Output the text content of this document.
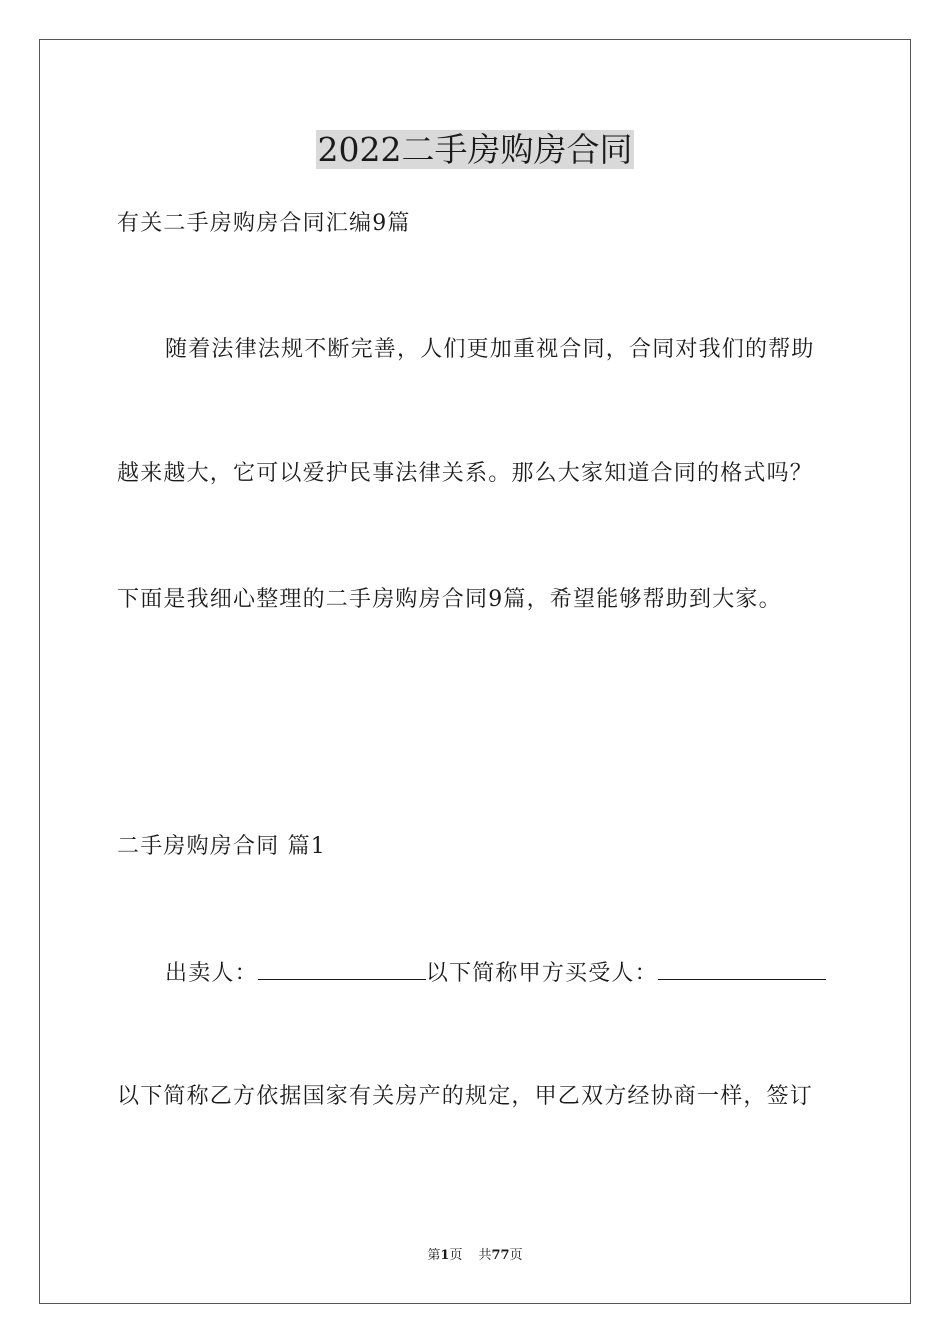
2022二手房购房合同
有关二手房购房合同汇编9篇
随着法律法规不断完善，人们更加重视合同，合同对我们的帮助
越来越大，它可以爱护民事法律关系。那么大家知道合同的格式吗？
下面是我细心整理的二手房购房合同9篇，希望能够帮助到大家。
二手房购房合同 篇1
出卖人：	以下简称甲方买受人：
以下简称乙方依据国家有关房产的规定，甲乙双方经协商一样，签订
第1页 共77页
